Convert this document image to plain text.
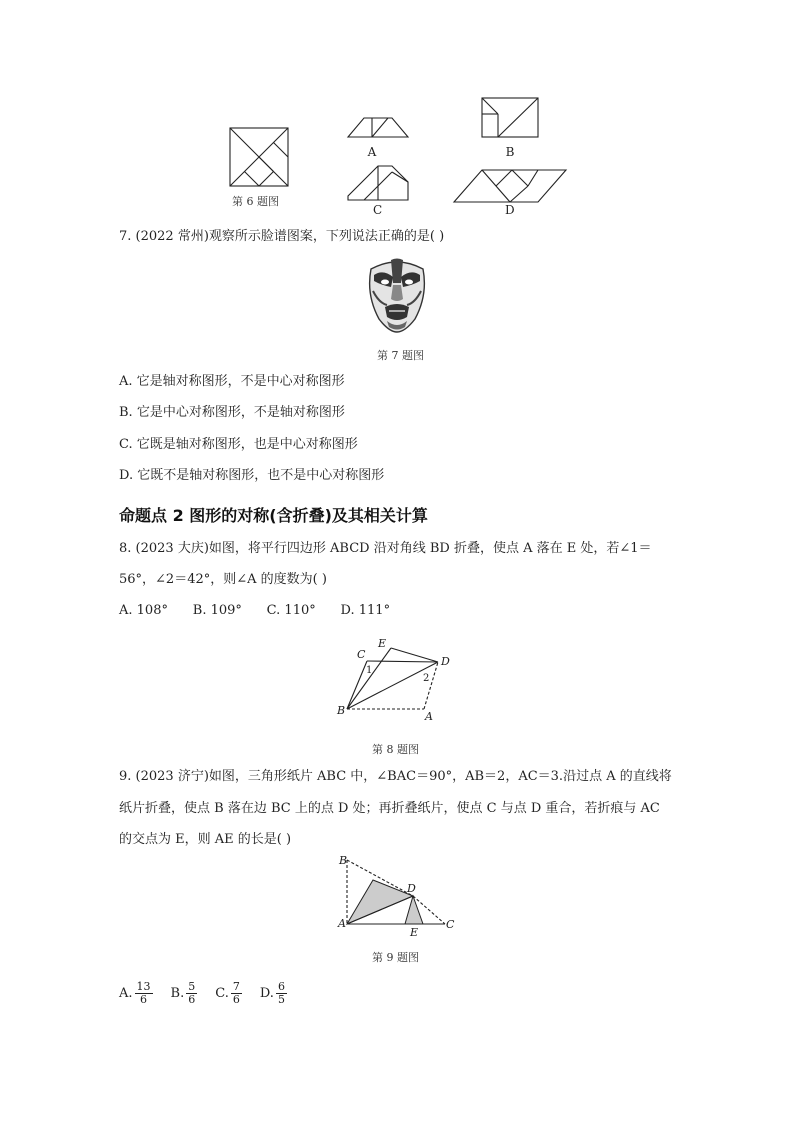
A	B
第 6 题图
C	D
7. (2022 常州)观察所示脸谱图案，下列说法正确的是( )
第 7 题图
A. 它是轴对称图形，不是中心对称图形
B. 它是中心对称图形，不是轴对称图形
C. 它既是轴对称图形，也是中心对称图形
D. 它既不是轴对称图形，也不是中心对称图形
命题点 2 图形的对称(含折叠)及其相关计算
8. (2023 大庆)如图，将平行四边形 ABCD 沿对角线 BD 折叠，使点 A 落在 E 处，若∠1＝
56°，∠2＝42°，则∠A 的度数为( )
A. 108°      B. 109°      C. 110°      D. 111°
E
C
D
B	A
1
2
第 8 题图
9. (2023 济宁)如图，三角形纸片 ABC 中，∠BAC＝90°，AB＝2，AC＝3.沿过点 A 的直线将
纸片折叠，使点 B 落在边 BC 上的点 D 处；再折叠纸片，使点 C 与点 D 重合，若折痕与 AC
的交点为 E，则 AE 的长是( )
B
D
A
E
C
第 9 题图
A. $\frac{13}{6} B$. $\frac{5}{6} C$. $\frac{7}{6} D$. $\frac{6}{5}$
